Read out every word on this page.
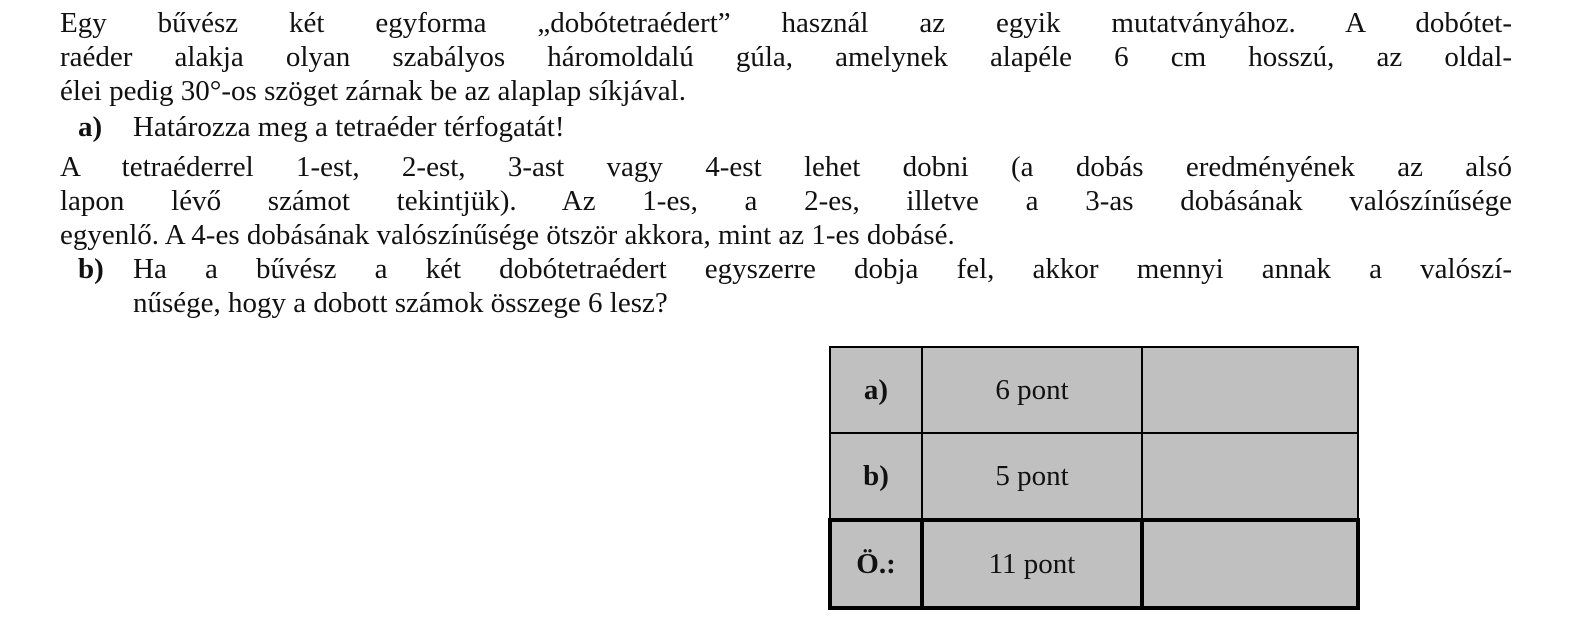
Egy bűvész két egyforma „dobótetraédert” használ az egyik mutatványához. A dobótet-
raéder alakja olyan szabályos háromoldalú gúla, amelynek alapéle 6 cm hosszú, az oldal-
élei pedig 30°-os szöget zárnak be az alaplap síkjával.
a) Határozza meg a tetraéder térfogatát!
A tetraéderrel 1-est, 2-est, 3-ast vagy 4-est lehet dobni (a dobás eredményének az alsó
lapon lévő számot tekintjük). Az 1-es, a 2-es, illetve a 3-as dobásának valószínűsége
egyenlő. A 4-es dobásának valószínűsége ötször akkora, mint az 1-es dobásé.
b) Ha a bűvész a két dobótetraédert egyszerre dobja fel, akkor mennyi annak a valószí-
nűsége, hogy a dobott számok összege 6 lesz?
a)	6 pont	
b)	5 pont	
Ö.:	11 pont	
